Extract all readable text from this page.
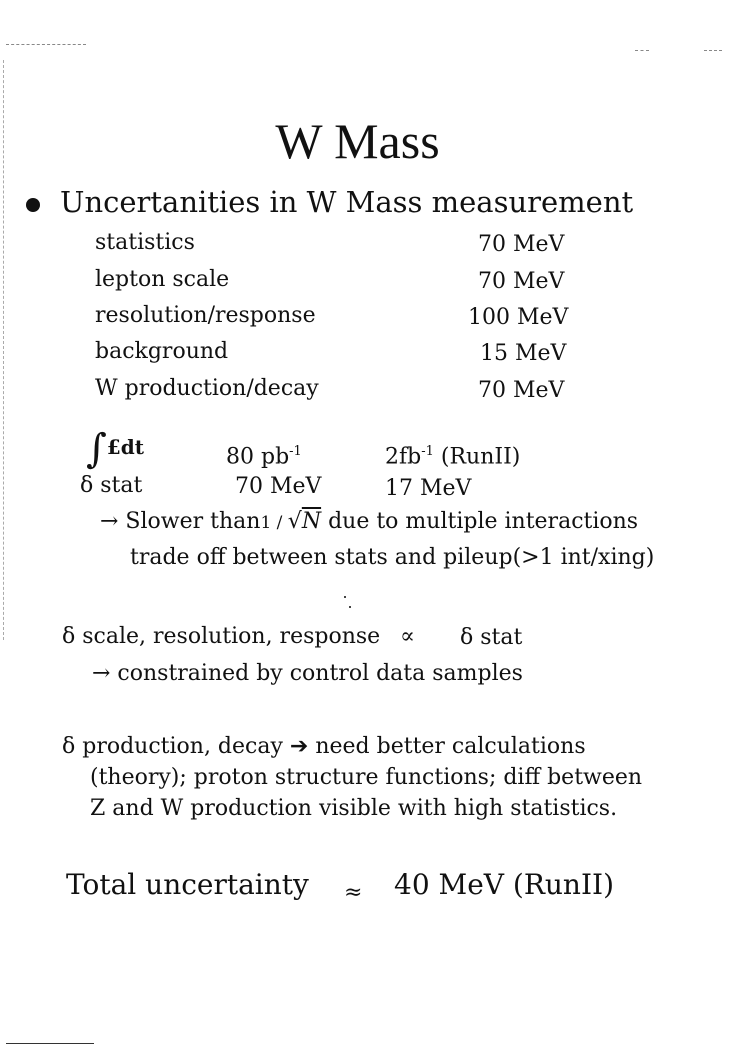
W Mass
Uncertanities in W Mass measurement
statistics	70 MeV
lepton scale	70 MeV
resolution/response	100 MeV
background	15 MeV
W production/decay	70 MeV
∫£dt	80 $pb^{-1}$	$2fb^{-1}$ (RunII)
δ stat	70 MeV	17 MeV
→ Slower than1 / √N due to multiple interactions
trade off between stats and pileup(>1 int/xing)
δ scale, resolution, response ∝ δ stat
→ constrained by control data samples
δ production, decay ➔ need better calculations
(theory); proton structure functions; diff between
Z and W production visible with high statistics.
Total uncertainty ≈ 40 MeV (RunII)
